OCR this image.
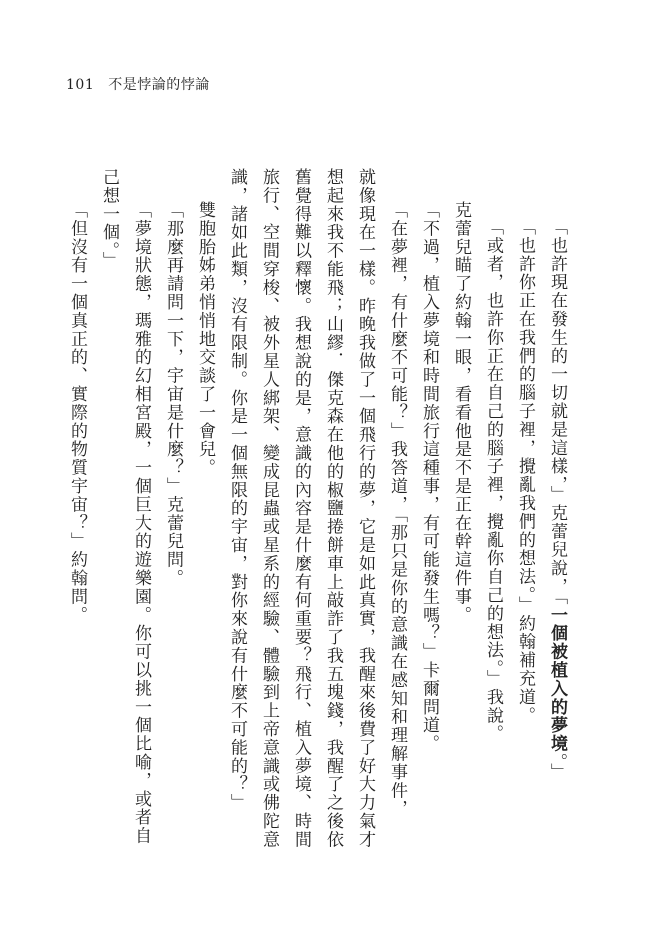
101 不是悖論的悖論
「也許現在發生的一切就是這樣，」克蕾兒說，「一個被植入的夢境。」
「也許你正在我們的腦子裡，攪亂我們的想法。」約翰補充道。
「或者，也許你正在自己的腦子裡，攪亂你自己的想法。」我說。
克蕾兒瞄了約翰一眼，看看他是不是正在幹這件事。
「不過，植入夢境和時間旅行這種事，有可能發生嗎？」卡爾問道。
「在夢裡，有什麼不可能？」我答道，「那只是你的意識在感知和理解事件，
就像現在一樣。昨晚我做了一個飛行的夢，它是如此真實，我醒來後費了好大力氣才
想起來我不能飛；山繆．傑克森在他的椒鹽捲餅車上敲詐了我五塊錢，我醒了之後依
舊覺得難以釋懷。我想說的是，意識的內容是什麼有何重要？飛行、植入夢境、時間
旅行、空間穿梭、被外星人綁架、變成昆蟲或星系的經驗、體驗到上帝意識或佛陀意
識，諸如此類，沒有限制。你是一個無限的宇宙，對你來說有什麼不可能的？」
雙胞胎姊弟悄悄地交談了一會兒。
「那麼再請問一下，宇宙是什麼？」克蕾兒問。
「夢境狀態，瑪雅的幻相宮殿，一個巨大的遊樂園。你可以挑一個比喻，或者自
己想一個。」
「但沒有一個真正的、實際的物質宇宙？」約翰問。
